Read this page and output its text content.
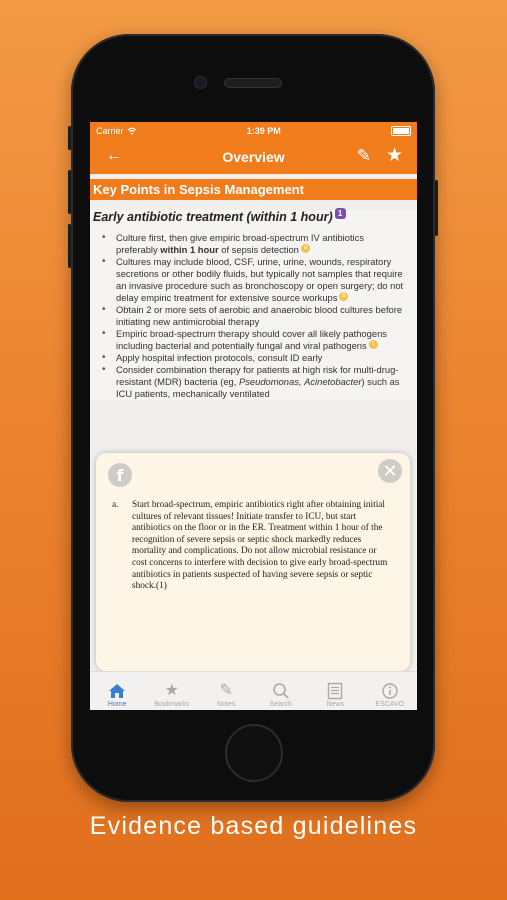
Carrier	1:39 PM
←	Overview	✎ ★
Key Points in Sepsis Management
Early antibiotic treatment (within 1 hour) 1
• Culture first, then give empiric broad-spectrum IV antibiotics preferably within 1 hour of sepsis detection a
• Cultures may include blood, CSF, urine, urine, wounds, respiratory secretions or other bodily fluids, but typically not samples that require an invasive procedure such as bronchoscopy or open surgery; do not delay empiric treatment for extensive source workups b
• Obtain 2 or more sets of aerobic and anaerobic blood cultures before initiating new antimicrobial therapy
• Empiric broad-spectrum therapy should cover all likely pathogens including bacterial and potentially fungal and viral pathogens c
• Apply hospital infection protocols, consult ID early
• Consider combination therapy for patients at high risk for multi-drug-resistant (MDR) bacteria (eg, Pseudomonas, Acinetobacter) such as ICU patients, mechanically ventilated
f	✕
a.	Start broad-spectrum, empiric antibiotics right after obtaining initial cultures of relevant tissues! Initiate transfer to ICU, but start antibiotics on the floor or in the ER. Treatment within 1 hour of the recognition of severe sepsis or septic shock markedly reduces mortality and complications. Do not allow microbial resistance or cost concerns to interfere with decision to give early broad-spectrum antibiotics in patients suspected of having severe sepsis or septic shock.(1)
Home
★
Bookmarks
✎
Notes	Search	News	ESCAVO
Evidence based guidelines
